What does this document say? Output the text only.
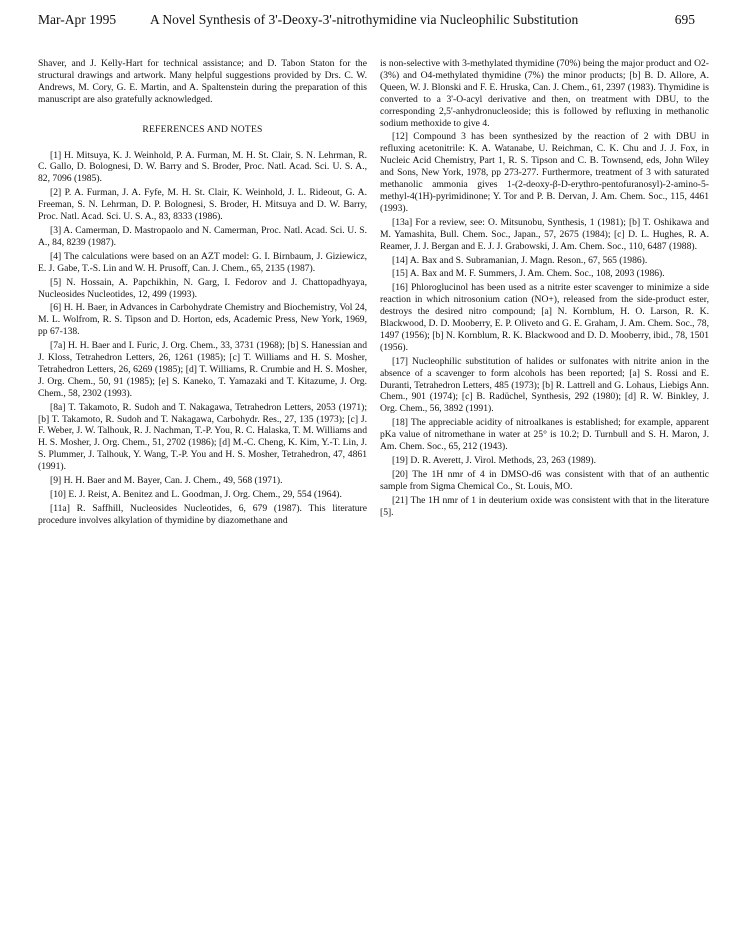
Mar-Apr 1995	A Novel Synthesis of 3'-Deoxy-3'-nitrothymidine via Nucleophilic Substitution	695

Shaver, and J. Kelly-Hart for technical assistance; and D. Tabon Staton for the structural drawings and artwork. Many helpful suggestions provided by Drs. C. W. Andrews, M. Cory, G. E. Martin, and A. Spaltenstein during the preparation of this manuscript are also gratefully acknowledged.

REFERENCES AND NOTES

[1] H. Mitsuya, K. J. Weinhold, P. A. Furman, M. H. St. Clair, S. N. Lehrman, R. C. Gallo, D. Bolognesi, D. W. Barry and S. Broder, Proc. Natl. Acad. Sci. U. S. A., 82, 7096 (1985).

[2] P. A. Furman, J. A. Fyfe, M. H. St. Clair, K. Weinhold, J. L. Rideout, G. A. Freeman, S. N. Lehrman, D. P. Bolognesi, S. Broder, H. Mitsuya and D. W. Barry, Proc. Natl. Acad. Sci. U. S. A., 83, 8333 (1986).

[3] A. Camerman, D. Mastropaolo and N. Camerman, Proc. Natl. Acad. Sci. U. S. A., 84, 8239 (1987).

[4] The calculations were based on an AZT model: G. I. Birnbaum, J. Giziewicz, E. J. Gabe, T.-S. Lin and W. H. Prusoff, Can. J. Chem., 65, 2135 (1987).

[5] N. Hossain, A. Papchikhin, N. Garg, I. Fedorov and J. Chattopadhyaya, Nucleosides Nucleotides, 12, 499 (1993).

[6] H. H. Baer, in Advances in Carbohydrate Chemistry and Biochemistry, Vol 24, M. L. Wolfrom, R. S. Tipson and D. Horton, eds, Academic Press, New York, 1969, pp 67-138.

[7a] H. H. Baer and I. Furic, J. Org. Chem., 33, 3731 (1968); [b] S. Hanessian and J. Kloss, Tetrahedron Letters, 26, 1261 (1985); [c] T. Williams and H. S. Mosher, Tetrahedron Letters, 26, 6269 (1985); [d] T. Williams, R. Crumbie and H. S. Mosher, J. Org. Chem., 50, 91 (1985); [e] S. Kaneko, T. Yamazaki and T. Kitazume, J. Org. Chem., 58, 2302 (1993).

[8a] T. Takamoto, R. Sudoh and T. Nakagawa, Tetrahedron Letters, 2053 (1971); [b] T. Takamoto, R. Sudoh and T. Nakagawa, Carbohydr. Res., 27, 135 (1973); [c] J. F. Weber, J. W. Talhouk, R. J. Nachman, T.-P. You, R. C. Halaska, T. M. Williams and H. S. Mosher, J. Org. Chem., 51, 2702 (1986); [d] M.-C. Cheng, K. Kim, Y.-T. Lin, J. S. Plummer, J. Talhouk, Y. Wang, T.-P. You and H. S. Mosher, Tetrahedron, 47, 4861 (1991).

[9] H. H. Baer and M. Bayer, Can. J. Chem., 49, 568 (1971).

[10] E. J. Reist, A. Benitez and L. Goodman, J. Org. Chem., 29, 554 (1964).

[11a] R. Saffhill, Nucleosides Nucleotides, 6, 679 (1987). This literature procedure involves alkylation of thymidine by diazomethane and

is non-selective with 3-methylated thymidine (70%) being the major product and O2- (3%) and O4-methylated thymidine (7%) the minor products; [b] B. D. Allore, A. Queen, W. J. Blonski and F. E. Hruska, Can. J. Chem., 61, 2397 (1983). Thymidine is converted to a 3'-O-acyl derivative and then, on treatment with DBU, to the corresponding 2,5'-anhydronucleoside; this is followed by refluxing in methanolic sodium methoxide to give 4.

[12] Compound 3 has been synthesized by the reaction of 2 with DBU in refluxing acetonitrile: K. A. Watanabe, U. Reichman, C. K. Chu and J. J. Fox, in Nucleic Acid Chemistry, Part 1, R. S. Tipson and C. B. Townsend, eds, John Wiley and Sons, New York, 1978, pp 273-277. Furthermore, treatment of 3 with saturated methanolic ammonia gives 1-(2-deoxy-β-D-erythro-pentofuranosyl)-2-amino-5-methyl-4(1H)-pyrimidinone; Y. Tor and P. B. Dervan, J. Am. Chem. Soc., 115, 4461 (1993).

[13a] For a review, see: O. Mitsunobu, Synthesis, 1 (1981); [b] T. Oshikawa and M. Yamashita, Bull. Chem. Soc., Japan., 57, 2675 (1984); [c] D. L. Hughes, R. A. Reamer, J. J. Bergan and E. J. J. Grabowski, J. Am. Chem. Soc., 110, 6487 (1988).

[14] A. Bax and S. Subramanian, J. Magn. Reson., 67, 565 (1986).

[15] A. Bax and M. F. Summers, J. Am. Chem. Soc., 108, 2093 (1986).

[16] Phloroglucinol has been used as a nitrite ester scavenger to minimize a side reaction in which nitrosonium cation (NO+), released from the side-product ester, destroys the desired nitro compound; [a] N. Kornblum, H. O. Larson, R. K. Blackwood, D. D. Mooberry, E. P. Oliveto and G. E. Graham, J. Am. Chem. Soc., 78, 1497 (1956); [b] N. Kornblum, R. K. Blackwood and D. D. Mooberry, ibid., 78, 1501 (1956).

[17] Nucleophilic substitution of halides or sulfonates with nitrite anion in the absence of a scavenger to form alcohols has been reported; [a] S. Rossi and E. Duranti, Tetrahedron Letters, 485 (1973); [b] R. Lattrell and G. Lohaus, Liebigs Ann. Chem., 901 (1974); [c] B. Radüchel, Synthesis, 292 (1980); [d] R. W. Binkley, J. Org. Chem., 56, 3892 (1991).

[18] The appreciable acidity of nitroalkanes is established; for example, apparent pKa value of nitromethane in water at 25° is 10.2; D. Turnbull and S. H. Maron, J. Am. Chem. Soc., 65, 212 (1943).

[19] D. R. Averett, J. Virol. Methods, 23, 263 (1989).

[20] The 1H nmr of 4 in DMSO-d6 was consistent with that of an authentic sample from Sigma Chemical Co., St. Louis, MO.

[21] The 1H nmr of 1 in deuterium oxide was consistent with that in the literature [5].
